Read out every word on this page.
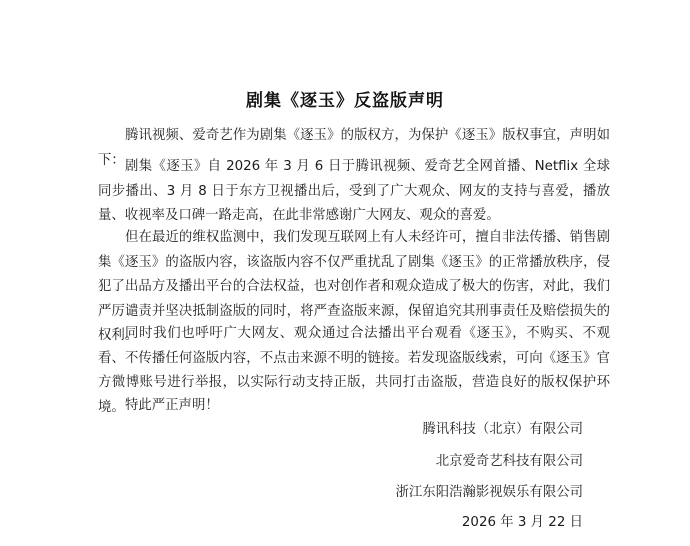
剧集《逐玉》反盗版声明
腾讯视频、爱奇艺作为剧集《逐玉》的版权方，为保护《逐玉》版权事宜，声明如下： 剧集《逐玉》自 2026 年 3 月 6 日于腾讯视频、爱奇艺全网首播、Netflix 全球同步播出、3 月 8 日于东方卫视播出后，受到了广大观众、网友的支持与喜爱，播放量、收视率及口碑一路走高，在此非常感谢广大网友、观众的喜爱。
但在最近的维权监测中，我们发现互联网上有人未经许可，擅自非法传播、销售剧集《逐玉》的盗版内容，该盗版内容不仅严重扰乱了剧集《逐玉》的正常播放秩序，侵犯了出品方及播出平台的合法权益，也对创作者和观众造成了极大的伤害，对此，我们严厉谴责并坚决抵制盗版的同时，将严查盗版来源，保留追究其刑事责任及赔偿损失的权利。
同时我们也呼吁广大网友、观众通过合法播出平台观看《逐玉》，不购买、不观看、不传播任何盗版内容，不点击来源不明的链接。若发现盗版线索，可向《逐玉》官方微博账号进行举报，以实际行动支持正版，共同打击盗版，营造良好的版权保护环境。 特此严正声明！
腾讯科技（北京）有限公司
北京爱奇艺科技有限公司
浙江东阳浩瀚影视娱乐有限公司
2026 年 3 月 22 日
